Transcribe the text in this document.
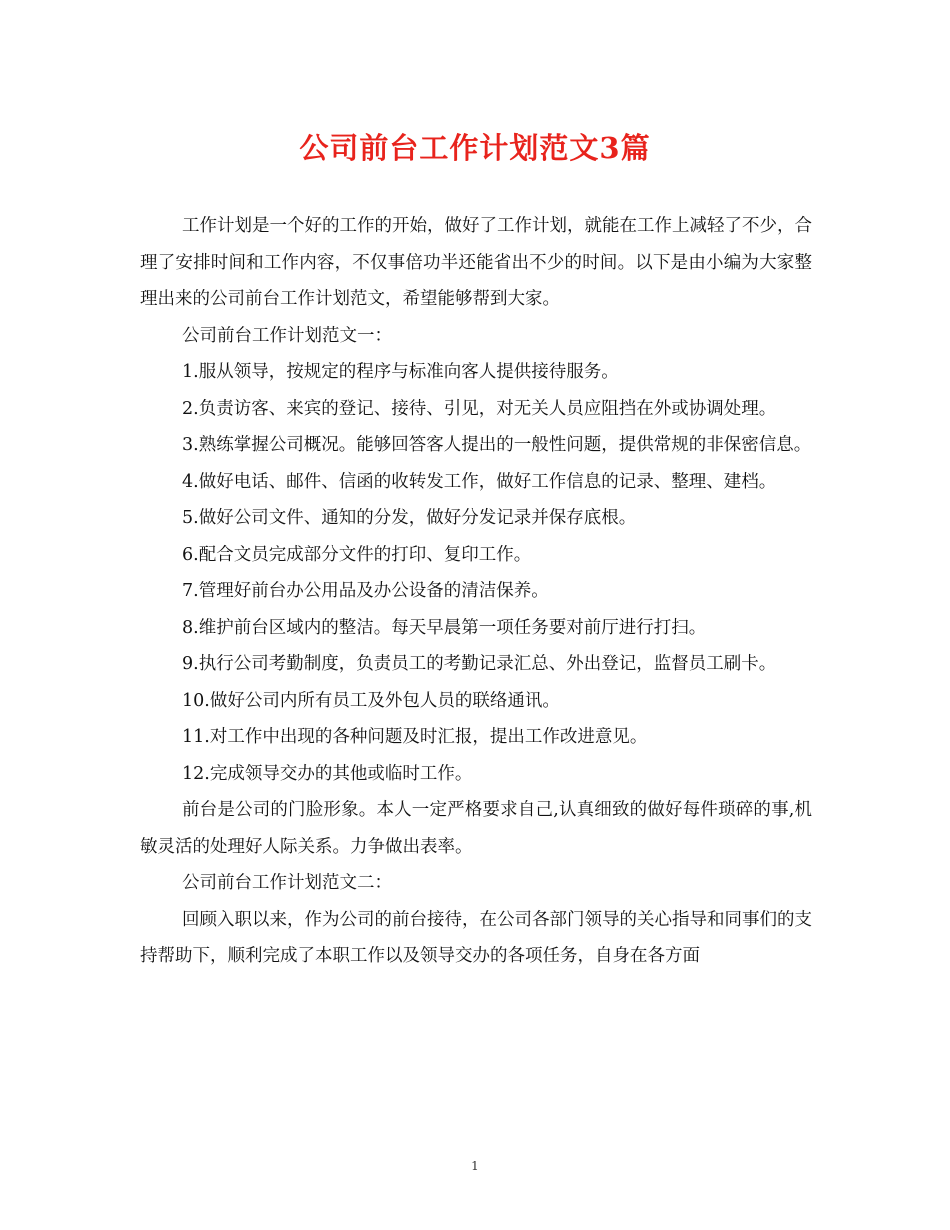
公司前台工作计划范文3篇

工作计划是一个好的工作的开始，做好了工作计划，就能在工作上减轻了不少，合理了安排时间和工作内容，不仅事倍功半还能省出不少的时间。以下是由小编为大家整理出来的公司前台工作计划范文，希望能够帮到大家。

公司前台工作计划范文一：

1.服从领导，按规定的程序与标准向客人提供接待服务。

2.负责访客、来宾的登记、接待、引见，对无关人员应阻挡在外或协调处理。

3.熟练掌握公司概况。能够回答客人提出的一般性问题，提供常规的非保密信息。

4.做好电话、邮件、信函的收转发工作，做好工作信息的记录、整理、建档。

5.做好公司文件、通知的分发，做好分发记录并保存底根。

6.配合文员完成部分文件的打印、复印工作。

7.管理好前台办公用品及办公设备的清洁保养。

8.维护前台区域内的整洁。每天早晨第一项任务要对前厅进行打扫。

9.执行公司考勤制度，负责员工的考勤记录汇总、外出登记，监督员工刷卡。

10.做好公司内所有员工及外包人员的联络通讯。

11.对工作中出现的各种问题及时汇报，提出工作改进意见。

12.完成领导交办的其他或临时工作。

前台是公司的门脸形象。本人一定严格要求自己,认真细致的做好每件琐碎的事,机敏灵活的处理好人际关系。力争做出表率。

公司前台工作计划范文二：

回顾入职以来，作为公司的前台接待，在公司各部门领导的关心指导和同事们的支持帮助下，顺利完成了本职工作以及领导交办的各项任务，自身在各方面

1
